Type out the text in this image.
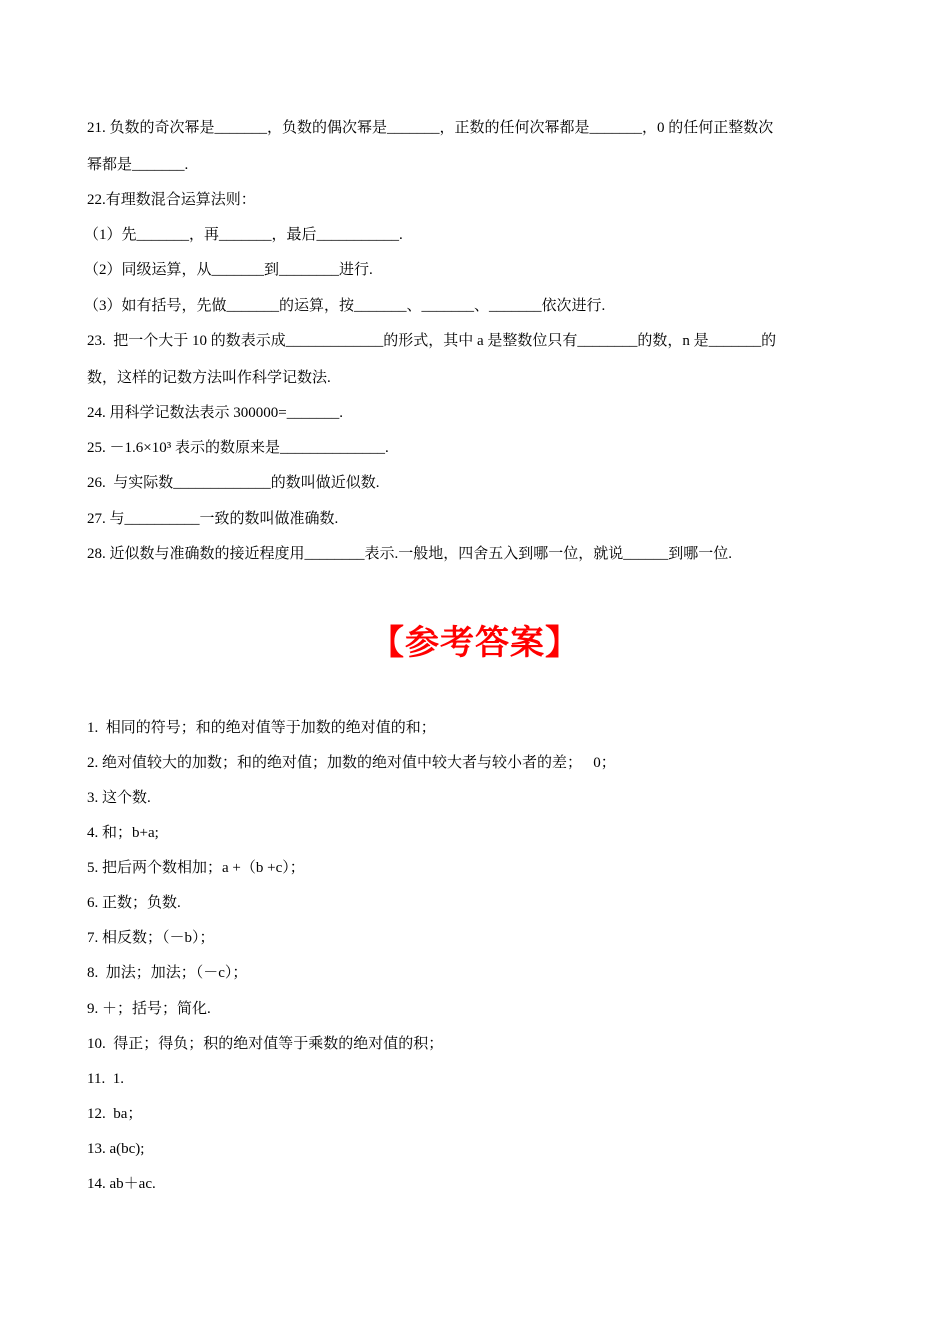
21. 负数的奇次幂是_______，负数的偶次幂是_______，正数的任何次幂都是_______，0 的任何正整数次
幂都是_______.
22.有理数混合运算法则：
（1）先_______，再_______，最后___________.
（2）同级运算，从_______到________进行.
（3）如有括号，先做_______的运算，按_______、_______、_______依次进行.
23.  把一个大于 10 的数表示成_____________的形式，其中 a 是整数位只有________的数，n 是_______的
数，这样的记数方法叫作科学记数法.
24. 用科学记数法表示 300000=_______.
25. －1.6×10³ 表示的数原来是______________.
26.  与实际数_____________的数叫做近似数.
27. 与__________一致的数叫做准确数.
28. 近似数与准确数的接近程度用________表示.一般地，四舍五入到哪一位，就说______到哪一位.
【参考答案】
1.  相同的符号；和的绝对值等于加数的绝对值的和；
2. 绝对值较大的加数；和的绝对值；加数的绝对值中较大者与较小者的差；   0；
3. 这个数.
4. 和；b+a;
5. 把后两个数相加；a +（b +c）；
6. 正数；负数.
7. 相反数；（－b）；
8.  加法；加法；（－c）；
9. ＋；括号；简化.
10.  得正；得负；积的绝对值等于乘数的绝对值的积；
11.  1.
12.  ba；
13. a(bc);
14. ab＋ac.
